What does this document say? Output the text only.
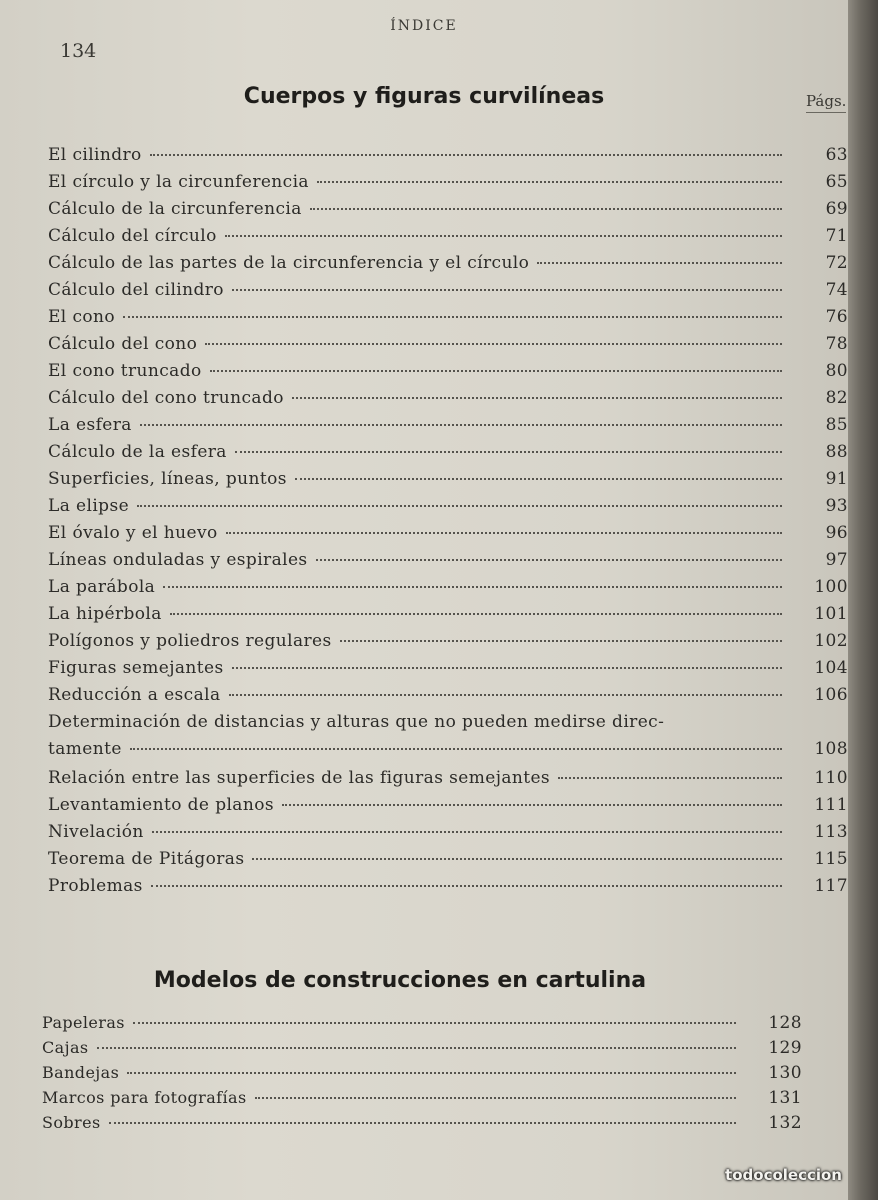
ÍNDICE
134
Cuerpos y figuras curvilíneas	Págs.
El cilindro	63
El círculo y la circunferencia	65
Cálculo de la circunferencia	69
Cálculo del círculo	71
Cálculo de las partes de la circunferencia y el círculo	72
Cálculo del cilindro	74
El cono	76
Cálculo del cono	78
El cono truncado	80
Cálculo del cono truncado	82
La esfera	85
Cálculo de la esfera	88
Superficies, líneas, puntos	91
La elipse	93
El óvalo y el huevo	96
Líneas onduladas y espirales	97
La parábola	100
La hipérbola	101
Polígonos y poliedros regulares	102
Figuras semejantes	104
Reducción a escala	106
Determinación de distancias y alturas que no pueden medirse direc-
tamente	108
Relación entre las superficies de las figuras semejantes	110
Levantamiento de planos	111
Nivelación	113
Teorema de Pitágoras	115
Problemas	117
Modelos de construcciones en cartulina
Papeleras	128
Cajas	129
Bandejas	130
Marcos para fotografías	131
Sobres	132
todocoleccion
